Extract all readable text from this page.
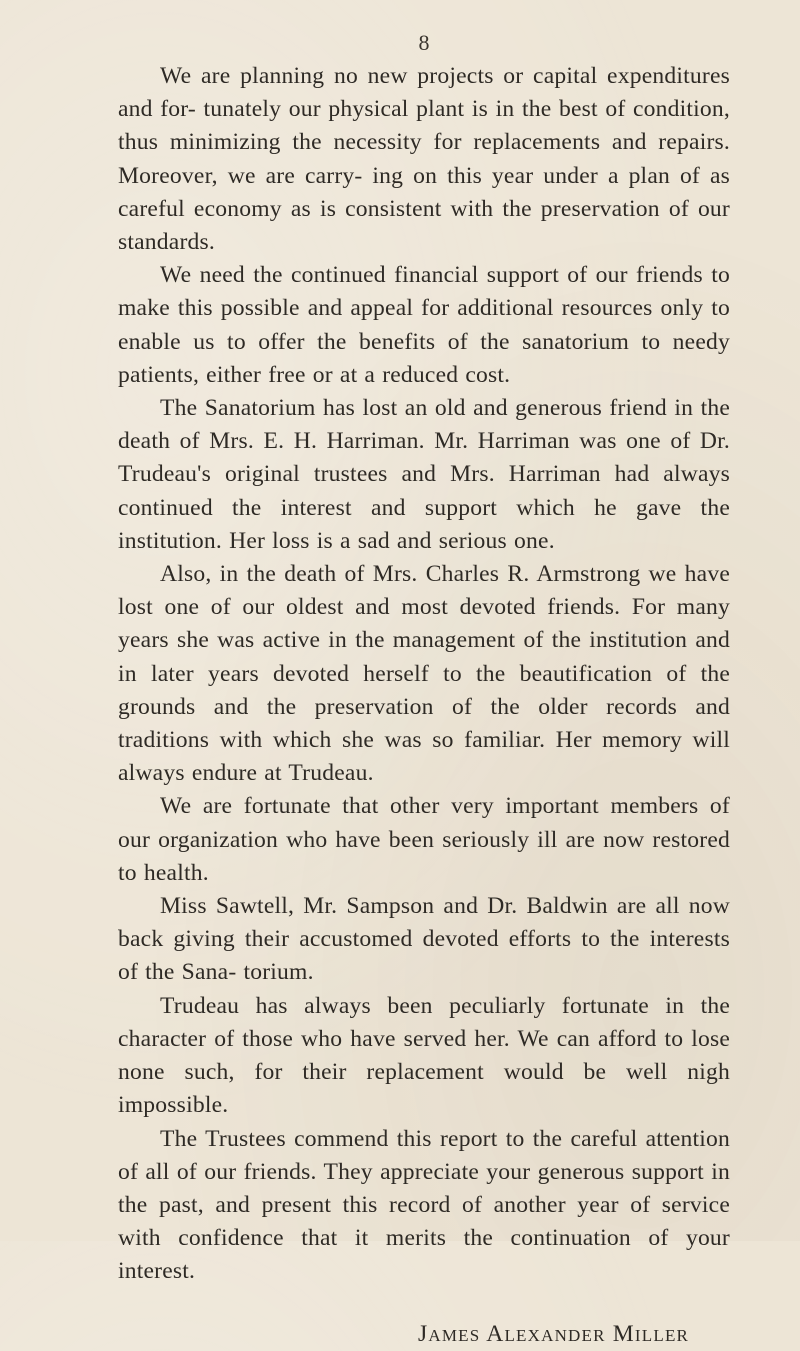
8

We are planning no new projects or capital expenditures and for- tunately our physical plant is in the best of condition, thus minimizing the necessity for replacements and repairs. Moreover, we are carry- ing on this year under a plan of as careful economy as is consistent with the preservation of our standards.

We need the continued financial support of our friends to make this possible and appeal for additional resources only to enable us to offer the benefits of the sanatorium to needy patients, either free or at a reduced cost.

The Sanatorium has lost an old and generous friend in the death of Mrs. E. H. Harriman. Mr. Harriman was one of Dr. Trudeau's original trustees and Mrs. Harriman had always continued the interest and support which he gave the institution. Her loss is a sad and serious one.

Also, in the death of Mrs. Charles R. Armstrong we have lost one of our oldest and most devoted friends. For many years she was active in the management of the institution and in later years devoted herself to the beautification of the grounds and the preservation of the older records and traditions with which she was so familiar. Her memory will always endure at Trudeau.

We are fortunate that other very important members of our organization who have been seriously ill are now restored to health.

Miss Sawtell, Mr. Sampson and Dr. Baldwin are all now back giving their accustomed devoted efforts to the interests of the Sana- torium.

Trudeau has always been peculiarly fortunate in the character of those who have served her. We can afford to lose none such, for their replacement would be well nigh impossible.

The Trustees commend this report to the careful attention of all of our friends. They appreciate your generous support in the past, and present this record of another year of service with confidence that it merits the continuation of your interest.

James Alexander Miller
